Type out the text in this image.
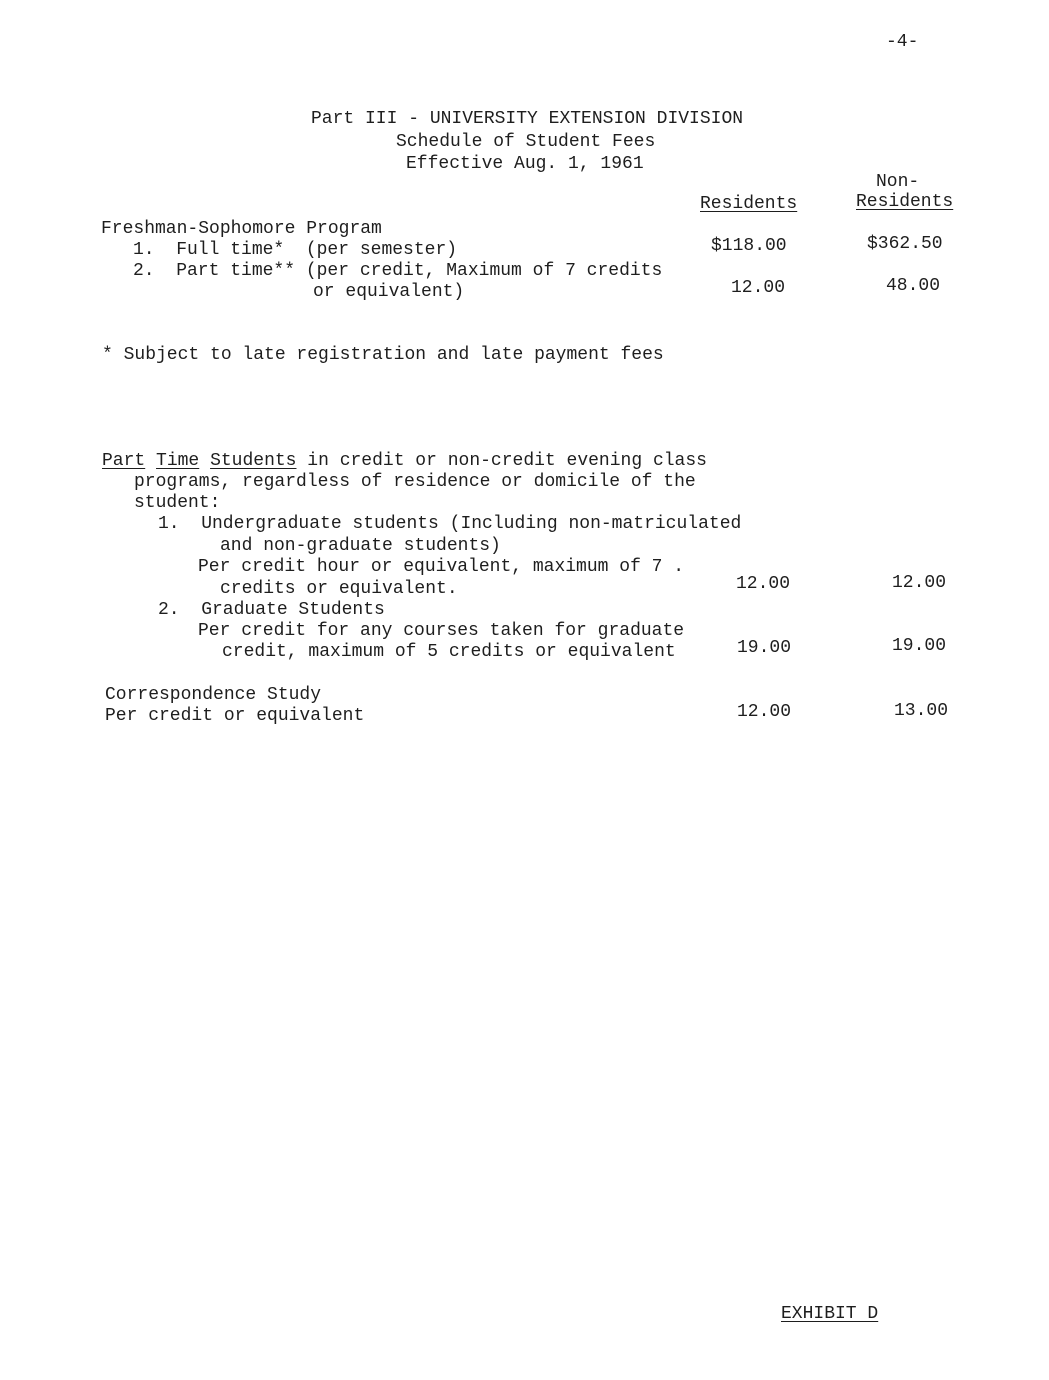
-4-
Part III - UNIVERSITY EXTENSION DIVISION
Schedule of Student Fees
Effective Aug. 1, 1961
Non-
Residents	Residents
Freshman-Sophomore Program
1.  Full time*  (per semester)	$118.00	$362.50
2.  Part time** (per credit, Maximum of 7 credits
or equivalent)	12.00	48.00
* Subject to late registration and late payment fees
Part Time Students in credit or non-credit evening class
programs, regardless of residence or domicile of the
student:
1.  Undergraduate students (Including non-matriculated
and non-graduate students)
Per credit hour or equivalent, maximum of 7 .
credits or equivalent.	12.00	12.00
2.  Graduate Students
Per credit for any courses taken for graduate
credit, maximum of 5 credits or equivalent	19.00	19.00
Correspondence Study
Per credit or equivalent	12.00	13.00
EXHIBIT D
